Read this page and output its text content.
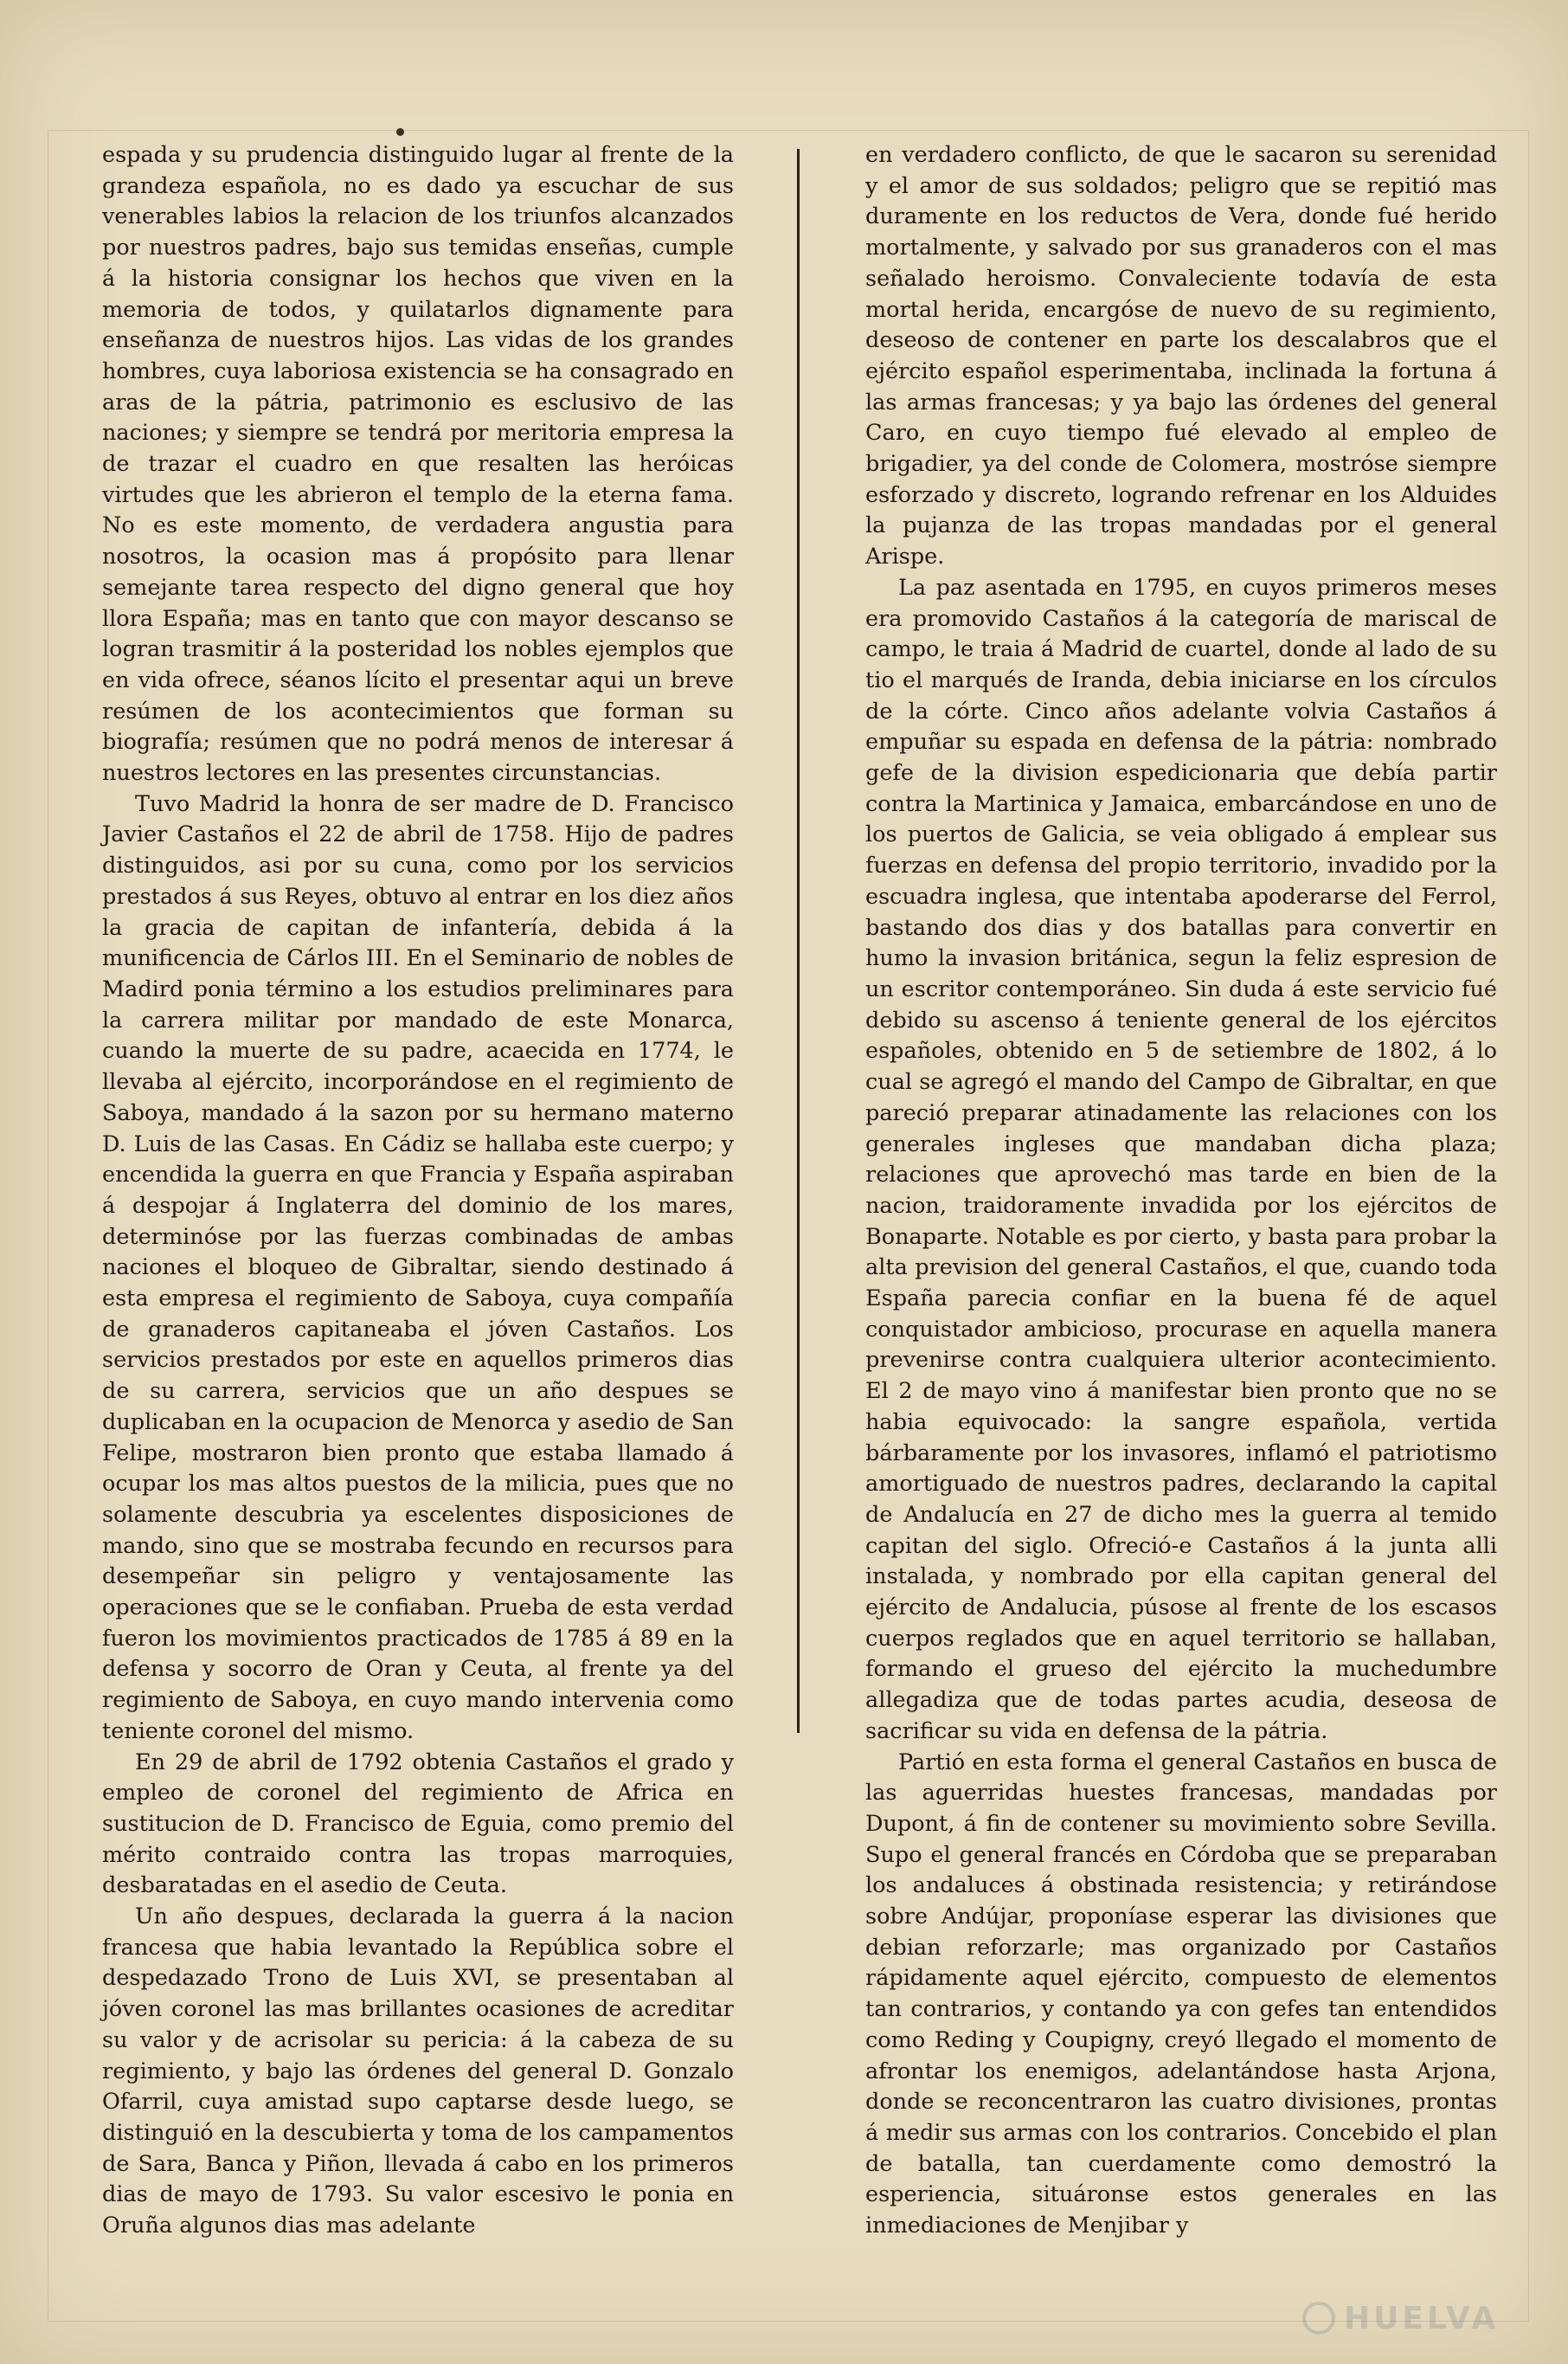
espada y su prudencia distinguido lugar al frente de la grandeza española, no es dado ya escuchar de sus venerables labios la relacion de los triunfos alcanzados por nuestros padres, bajo sus temidas enseñas, cumple á la historia consignar los hechos que viven en la memoria de todos, y quilatarlos dignamente para enseñanza de nuestros hijos. Las vidas de los grandes hombres, cuya laboriosa existencia se ha consagrado en aras de la pátria, patrimonio es esclusivo de las naciones; y siempre se tendrá por meritoria empresa la de trazar el cuadro en que resalten las heróicas virtudes que les abrieron el templo de la eterna fama. No es este momento, de verdadera angustia para nosotros, la ocasion mas á propósito para llenar semejante tarea respecto del digno general que hoy llora España; mas en tanto que con mayor descanso se logran trasmitir á la posteridad los nobles ejemplos que en vida ofrece, séanos lícito el presentar aqui un breve resúmen de los acontecimientos que forman su biografía; resúmen que no podrá menos de interesar á nuestros lectores en las presentes circunstancias.

Tuvo Madrid la honra de ser madre de D. Francisco Javier Castaños el 22 de abril de 1758. Hijo de padres distinguidos, asi por su cuna, como por los servicios prestados á sus Reyes, obtuvo al entrar en los diez años la gracia de capitan de infantería, debida á la munificencia de Cárlos III. En el Seminario de nobles de Madird ponia término a los estudios preliminares para la carrera militar por mandado de este Monarca, cuando la muerte de su padre, acaecida en 1774, le llevaba al ejército, incorporándose en el regimiento de Saboya, mandado á la sazon por su hermano materno D. Luis de las Casas. En Cádiz se hallaba este cuerpo; y encendida la guerra en que Francia y España aspiraban á despojar á Inglaterra del dominio de los mares, determinóse por las fuerzas combinadas de ambas naciones el bloqueo de Gibraltar, siendo destinado á esta empresa el regimiento de Saboya, cuya compañía de granaderos capitaneaba el jóven Castaños. Los servicios prestados por este en aquellos primeros dias de su carrera, servicios que un año despues se duplicaban en la ocupacion de Menorca y asedio de San Felipe, mostraron bien pronto que estaba llamado á ocupar los mas altos puestos de la milicia, pues que no solamente descubria ya escelentes disposiciones de mando, sino que se mostraba fecundo en recursos para desempeñar sin peligro y ventajosamente las operaciones que se le confiaban. Prueba de esta verdad fueron los movimientos practicados de 1785 á 89 en la defensa y socorro de Oran y Ceuta, al frente ya del regimiento de Saboya, en cuyo mando intervenia como teniente coronel del mismo.

En 29 de abril de 1792 obtenia Castaños el grado y empleo de coronel del regimiento de Africa en sustitucion de D. Francisco de Eguia, como premio del mérito contraido contra las tropas marroquies, desbaratadas en el asedio de Ceuta.

Un año despues, declarada la guerra á la nacion francesa que habia levantado la República sobre el despedazado Trono de Luis XVI, se presentaban al jóven coronel las mas brillantes ocasiones de acreditar su valor y de acrisolar su pericia: á la cabeza de su regimiento, y bajo las órdenes del general D. Gonzalo Ofarril, cuya amistad supo captarse desde luego, se distinguió en la descubierta y toma de los campamentos de Sara, Banca y Piñon, llevada á cabo en los primeros dias de mayo de 1793. Su valor escesivo le ponia en Oruña algunos dias mas adelante

en verdadero conflicto, de que le sacaron su serenidad y el amor de sus soldados; peligro que se repitió mas duramente en los reductos de Vera, donde fué herido mortalmente, y salvado por sus granaderos con el mas señalado heroismo. Convaleciente todavía de esta mortal herida, encargóse de nuevo de su regimiento, deseoso de contener en parte los descalabros que el ejército español esperimentaba, inclinada la fortuna á las armas francesas; y ya bajo las órdenes del general Caro, en cuyo tiempo fué elevado al empleo de brigadier, ya del conde de Colomera, mostróse siempre esforzado y discreto, logrando refrenar en los Alduides la pujanza de las tropas mandadas por el general Arispe.

La paz asentada en 1795, en cuyos primeros meses era promovido Castaños á la categoría de mariscal de campo, le traia á Madrid de cuartel, donde al lado de su tio el marqués de Iranda, debia iniciarse en los círculos de la córte. Cinco años adelante volvia Castaños á empuñar su espada en defensa de la pátria: nombrado gefe de la division espedicionaria que debía partir contra la Martinica y Jamaica, embarcándose en uno de los puertos de Galicia, se veia obligado á emplear sus fuerzas en defensa del propio territorio, invadido por la escuadra inglesa, que intentaba apoderarse del Ferrol, bastando dos dias y dos batallas para convertir en humo la invasion británica, segun la feliz espresion de un escritor contemporáneo. Sin duda á este servicio fué debido su ascenso á teniente general de los ejércitos españoles, obtenido en 5 de setiembre de 1802, á lo cual se agregó el mando del Campo de Gibraltar, en que pareció preparar atinadamente las relaciones con los generales ingleses que mandaban dicha plaza; relaciones que aprovechó mas tarde en bien de la nacion, traidoramente invadida por los ejércitos de Bonaparte. Notable es por cierto, y basta para probar la alta prevision del general Castaños, el que, cuando toda España parecia confiar en la buena fé de aquel conquistador ambicioso, procurase en aquella manera prevenirse contra cualquiera ulterior acontecimiento. El 2 de mayo vino á manifestar bien pronto que no se habia equivocado: la sangre española, vertida bárbaramente por los invasores, inflamó el patriotismo amortiguado de nuestros padres, declarando la capital de Andalucía en 27 de dicho mes la guerra al temido capitan del siglo. Ofreció-e Castaños á la junta alli instalada, y nombrado por ella capitan general del ejército de Andalucia, púsose al frente de los escasos cuerpos reglados que en aquel territorio se hallaban, formando el grueso del ejército la muchedumbre allegadiza que de todas partes acudia, deseosa de sacrificar su vida en defensa de la pátria.

Partió en esta forma el general Castaños en busca de las aguerridas huestes francesas, mandadas por Dupont, á fin de contener su movimiento sobre Sevilla. Supo el general francés en Córdoba que se preparaban los andaluces á obstinada resistencia; y retirándose sobre Andújar, proponíase esperar las divisiones que debian reforzarle; mas organizado por Castaños rápidamente aquel ejército, compuesto de elementos tan contrarios, y contando ya con gefes tan entendidos como Reding y Coupigny, creyó llegado el momento de afrontar los enemigos, adelantándose hasta Arjona, donde se reconcentraron las cuatro divisiones, prontas á medir sus armas con los contrarios. Concebido el plan de batalla, tan cuerdamente como demostró la esperiencia, situáronse estos generales en las inmediaciones de Menjibar y

HUELVA
